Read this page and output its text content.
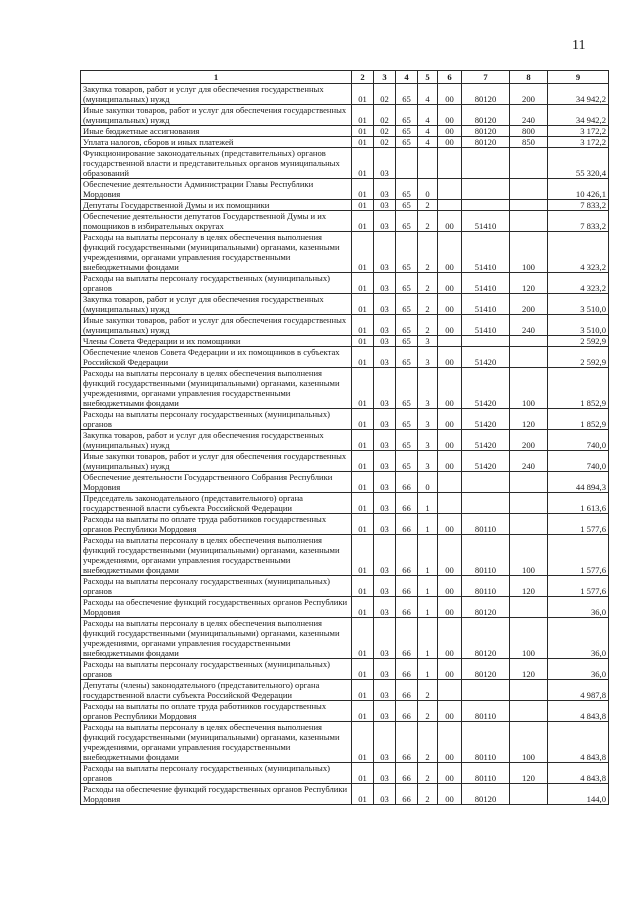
11
1	2	3	4	5	6	7	8	9
Закупка товаров, работ и услуг для обеспечения государственных (муниципальных) нужд	01	02	65	4	00	80120	200	34 942,2
Иные закупки товаров, работ и услуг для обеспечения государственных (муниципальных) нужд	01	02	65	4	00	80120	240	34 942,2
Иные бюджетные ассигнования	01	02	65	4	00	80120	800	3 172,2
Уплата налогов, сборов и иных платежей	01	02	65	4	00	80120	850	3 172,2
Функционирование законодательных (представительных) органов государственной власти и представительных органов муниципальных образований	01	03						55 320,4
Обеспечение деятельности Администрации Главы Республики Мордовия	01	03	65	0				10 426,1
Депутаты Государственной Думы и их помощники	01	03	65	2				7 833,2
Обеспечение деятельности депутатов Государственной Думы и их помощников в избирательных округах	01	03	65	2	00	51410		7 833,2
Расходы на выплаты персоналу в целях обеспечения выполнения функций государственными (муниципальными) органами, казенными учреждениями, органами управления государственными внебюджетными фондами	01	03	65	2	00	51410	100	4 323,2
Расходы на выплаты персоналу государственных (муниципальных) органов	01	03	65	2	00	51410	120	4 323,2
Закупка товаров, работ и услуг для обеспечения государственных (муниципальных) нужд	01	03	65	2	00	51410	200	3 510,0
Иные закупки товаров, работ и услуг для обеспечения государственных (муниципальных) нужд	01	03	65	2	00	51410	240	3 510,0
Члены Совета Федерации и их помощники	01	03	65	3				2 592,9
Обеспечение членов Совета Федерации и их помощников в субъектах Российской Федерации	01	03	65	3	00	51420		2 592,9
Расходы на выплаты персоналу в целях обеспечения выполнения функций государственными (муниципальными) органами, казенными учреждениями, органами управления государственными внебюджетными фондами	01	03	65	3	00	51420	100	1 852,9
Расходы на выплаты персоналу государственных (муниципальных) органов	01	03	65	3	00	51420	120	1 852,9
Закупка товаров, работ и услуг для обеспечения государственных (муниципальных) нужд	01	03	65	3	00	51420	200	740,0
Иные закупки товаров, работ и услуг для обеспечения государственных (муниципальных) нужд	01	03	65	3	00	51420	240	740,0
Обеспечение деятельности Государственного Собрания Республики Мордовия	01	03	66	0				44 894,3
Председатель законодательного (представительного) органа государственной власти субъекта Российской Федерации	01	03	66	1				1 613,6
Расходы на выплаты по оплате труда работников государственных органов Республики Мордовия	01	03	66	1	00	80110		1 577,6
Расходы на выплаты персоналу в целях обеспечения выполнения функций государственными (муниципальными) органами, казенными учреждениями, органами управления государственными внебюджетными фондами	01	03	66	1	00	80110	100	1 577,6
Расходы на выплаты персоналу государственных (муниципальных) органов	01	03	66	1	00	80110	120	1 577,6
Расходы на обеспечение функций государственных органов Республики Мордовия	01	03	66	1	00	80120		36,0
Расходы на выплаты персоналу в целях обеспечения выполнения функций государственными (муниципальными) органами, казенными учреждениями, органами управления государственными внебюджетными фондами	01	03	66	1	00	80120	100	36,0
Расходы на выплаты персоналу государственных (муниципальных) органов	01	03	66	1	00	80120	120	36,0
Депутаты (члены) законодательного (представительного) органа государственной власти субъекта Российской Федерации	01	03	66	2				4 987,8
Расходы на выплаты по оплате труда работников государственных органов Республики Мордовия	01	03	66	2	00	80110		4 843,8
Расходы на выплаты персоналу в целях обеспечения выполнения функций государственными (муниципальными) органами, казенными учреждениями, органами управления государственными внебюджетными фондами	01	03	66	2	00	80110	100	4 843,8
Расходы на выплаты персоналу государственных (муниципальных) органов	01	03	66	2	00	80110	120	4 843,8
Расходы на обеспечение функций государственных органов Республики Мордовия	01	03	66	2	00	80120		144,0
